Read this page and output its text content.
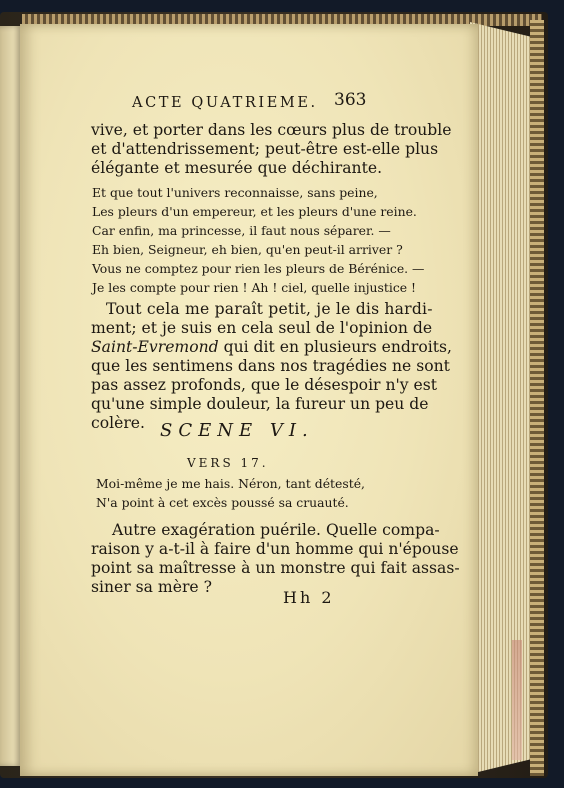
ACTE QUATRIEME. 363
vive, et porter dans les cœurs plus de trouble
et d'attendrissement; peut-être est-elle plus
élégante et mesurée que déchirante.
Et que tout l'univers reconnaisse, sans peine,
Les pleurs d'un empereur, et les pleurs d'une reine.
Car enfin, ma princesse, il faut nous séparer. —
Eh bien, Seigneur, eh bien, qu'en peut-il arriver ?
Vous ne comptez pour rien les pleurs de Bérénice. —
Je les compte pour rien ! Ah ! ciel, quelle injustice !
Tout cela me paraît petit, je le dis hardi-
ment; et je suis en cela seul de l'opinion de
Saint-Evremond qui dit en plusieurs endroits,
que les sentimens dans nos tragédies ne sont
pas assez profonds, que le désespoir n'y est
qu'une simple douleur, la fureur un peu de
colère. SCENE VI.
VERS 17.
Moi-même je me hais. Néron, tant détesté,
N'a point à cet excès poussé sa cruauté.
Autre exagération puérile. Quelle compa-
raison y a-t-il à faire d'un homme qui n'épouse
point sa maîtresse à un monstre qui fait assas-
siner sa mère ?
Hh 2
